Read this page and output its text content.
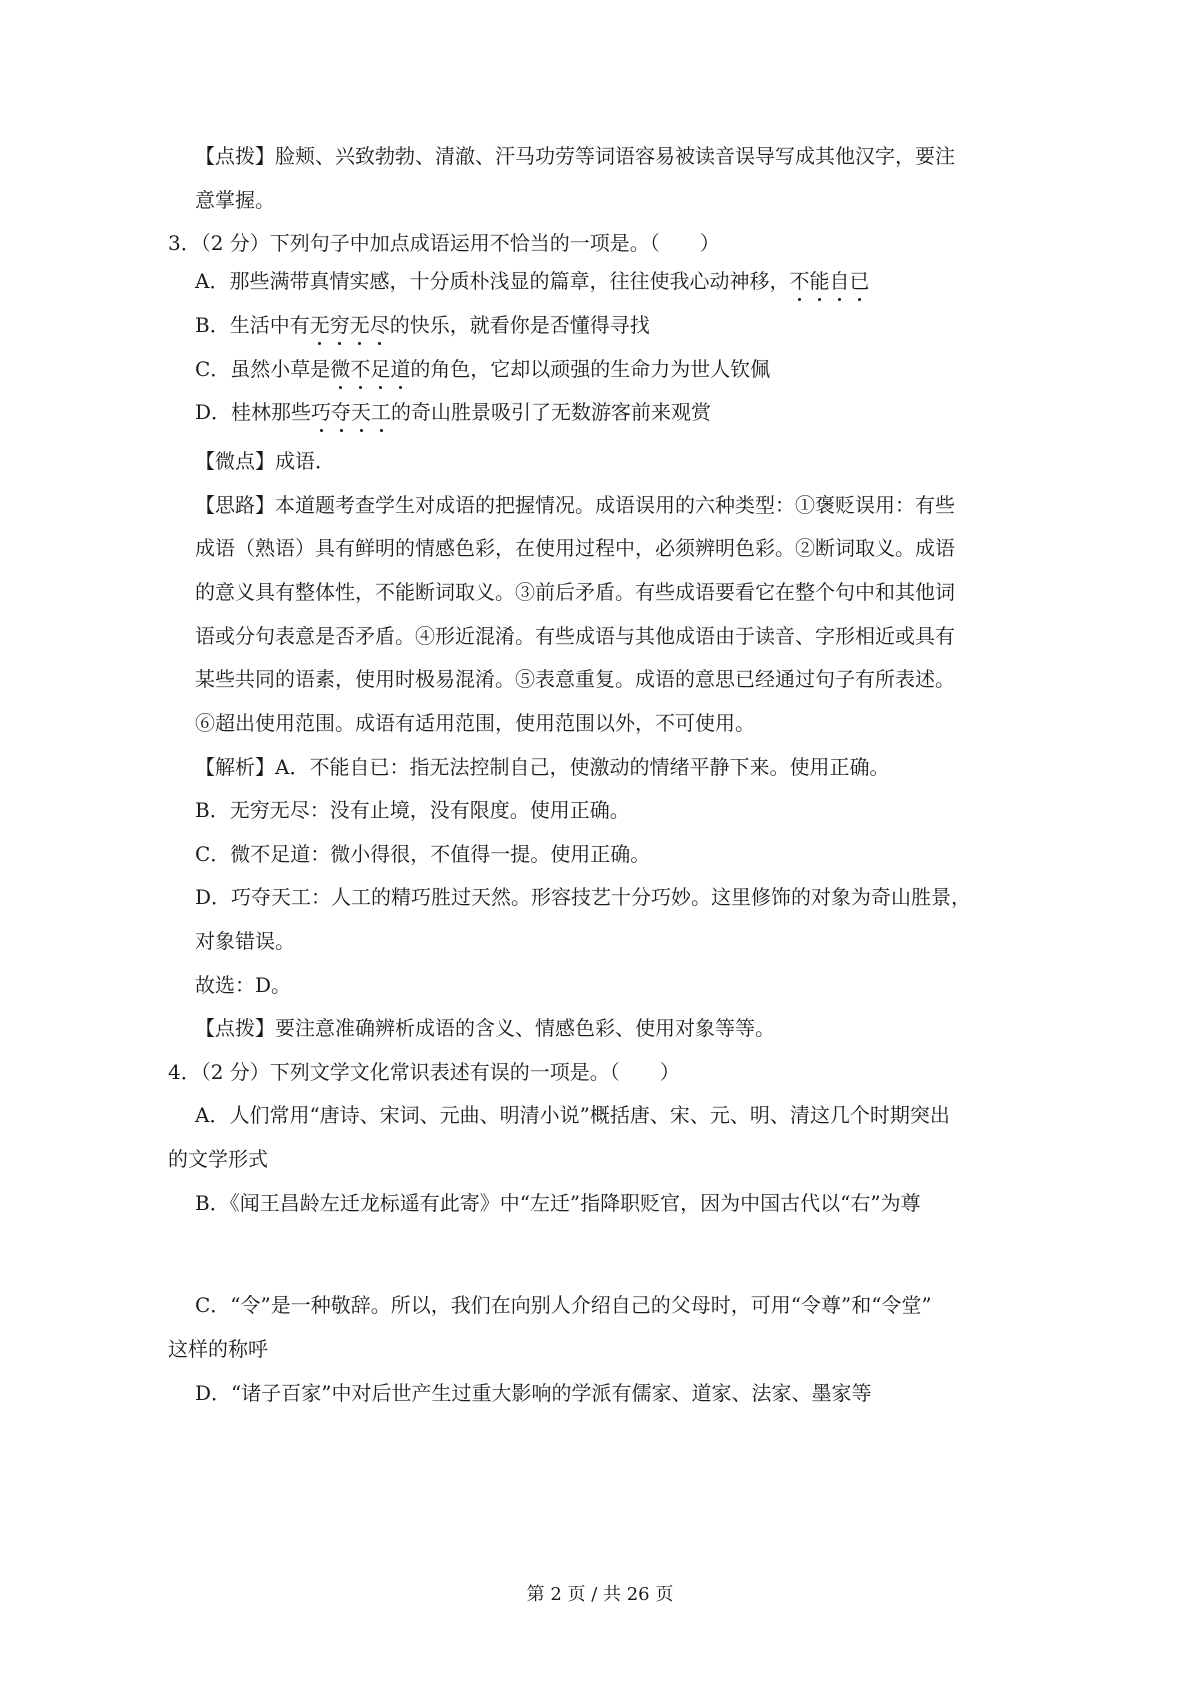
【点拨】脸颊、兴致勃勃、清澈、汗马功劳等词语容易被读音误导写成其他汉字，要注
意掌握。
3．（2 分）下列句子中加点成语运用不恰当的一项是。（　　）
A．那些满带真情实感，十分质朴浅显的篇章，往往使我心动神移，不能自已
B．生活中有无穷无尽的快乐，就看你是否懂得寻找
C．虽然小草是微不足道的角色，它却以顽强的生命力为世人钦佩
D．桂林那些巧夺天工的奇山胜景吸引了无数游客前来观赏
【微点】成语．
【思路】本道题考查学生对成语的把握情况。成语误用的六种类型：①褒贬误用：有些
成语（熟语）具有鲜明的情感色彩，在使用过程中，必须辨明色彩。②断词取义。成语
的意义具有整体性，不能断词取义。③前后矛盾。有些成语要看它在整个句中和其他词
语或分句表意是否矛盾。④形近混淆。有些成语与其他成语由于读音、字形相近或具有
某些共同的语素，使用时极易混淆。⑤表意重复。成语的意思已经通过句子有所表述。
⑥超出使用范围。成语有适用范围，使用范围以外，不可使用。
【解析】A．不能自已：指无法控制自己，使激动的情绪平静下来。使用正确。
B．无穷无尽：没有止境，没有限度。使用正确。
C．微不足道：微小得很，不值得一提。使用正确。
D．巧夺天工：人工的精巧胜过天然。形容技艺十分巧妙。这里修饰的对象为奇山胜景，
对象错误。
故选：D。
【点拨】要注意准确辨析成语的含义、情感色彩、使用对象等等。
4．（2 分）下列文学文化常识表述有误的一项是。（　　）
A．人们常用“唐诗、宋词、元曲、明清小说”概括唐、宋、元、明、清这几个时期突出
的文学形式
B．《闻王昌龄左迁龙标遥有此寄》中“左迁”指降职贬官，因为中国古代以“右”为尊
C．“令”是一种敬辞。所以，我们在向别人介绍自己的父母时，可用“令尊”和“令堂”
这样的称呼
D．“诸子百家”中对后世产生过重大影响的学派有儒家、道家、法家、墨家等
第 2 页 / 共 26 页
